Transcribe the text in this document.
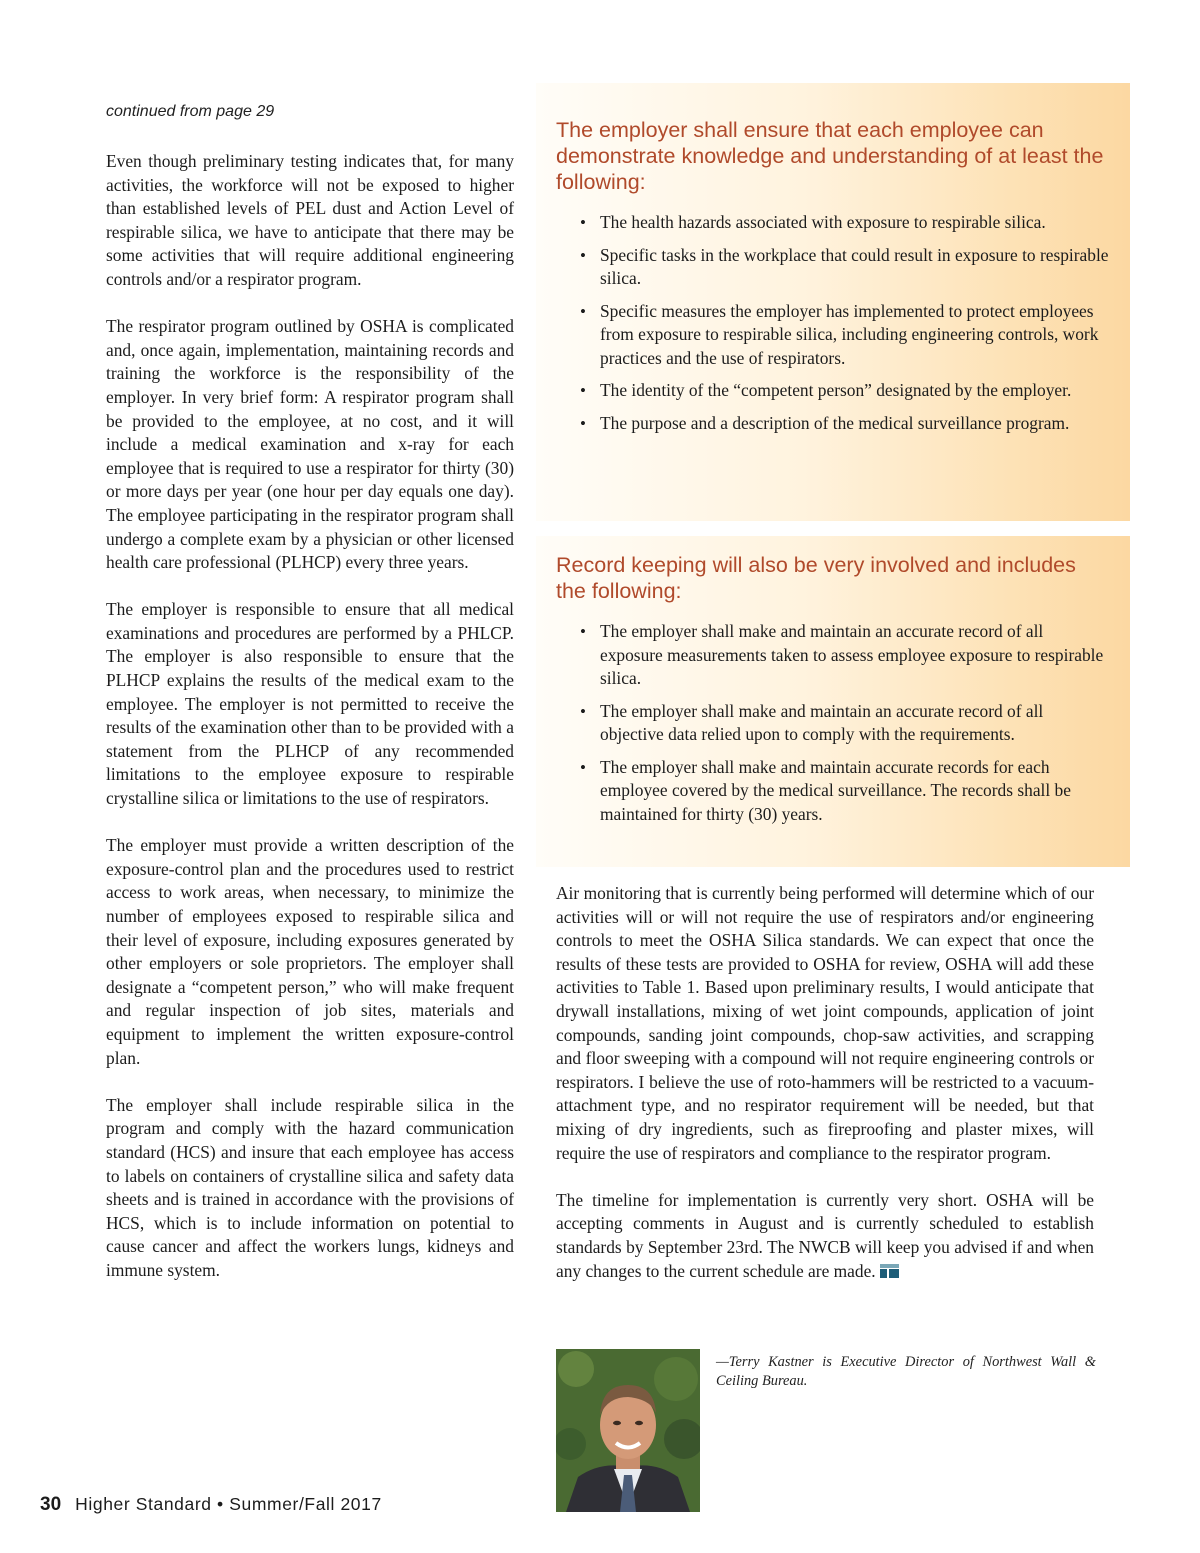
continued from page 29

Even though preliminary testing indicates that, for many activities, the workforce will not be exposed to higher than established levels of PEL dust and Action Level of respirable silica, we have to anticipate that there may be some activities that will require additional engineering controls and/or a respirator program.

The respirator program outlined by OSHA is complicated and, once again, implementation, maintaining records and training the workforce is the responsibility of the employer. In very brief form: A respirator program shall be provided to the employee, at no cost, and it will include a medical examination and x-ray for each employee that is required to use a respirator for thirty (30) or more days per year (one hour per day equals one day). The employee participating in the respirator program shall undergo a complete exam by a physician or other licensed health care professional (PLHCP) every three years.

The employer is responsible to ensure that all medical examinations and procedures are performed by a PHLCP. The employer is also responsible to ensure that the PLHCP explains the results of the medical exam to the employee. The employer is not permitted to receive the results of the examination other than to be provided with a statement from the PLHCP of any recommended limitations to the employee exposure to respirable crystalline silica or limitations to the use of respirators.

The employer must provide a written description of the exposure-control plan and the procedures used to restrict access to work areas, when necessary, to minimize the number of employees exposed to respirable silica and their level of exposure, including exposures generated by other employers or sole proprietors. The employer shall designate a “competent person,” who will make frequent and regular inspection of job sites, materials and equipment to implement the written exposure-control plan.

The employer shall include respirable silica in the program and comply with the hazard communication standard (HCS) and insure that each employee has access to labels on containers of crystalline silica and safety data sheets and is trained in accordance with the provisions of HCS, which is to include information on potential to cause cancer and affect the workers lungs, kidneys and immune system.

The employer shall ensure that each employee can demonstrate knowledge and understanding of at least the following:
• The health hazards associated with exposure to respirable silica.
• Specific tasks in the workplace that could result in exposure to respirable silica.
• Specific measures the employer has implemented to protect employees from exposure to respirable silica, including engineering controls, work practices and the use of respirators.
• The identity of the “competent person” designated by the employer.
• The purpose and a description of the medical surveillance program.
Record keeping will also be very involved and includes the following:
• The employer shall make and maintain an accurate record of all exposure measurements taken to assess employee exposure to respirable silica.
• The employer shall make and maintain an accurate record of all objective data relied upon to comply with the requirements.
• The employer shall make and maintain accurate records for each employee covered by the medical surveillance. The records shall be maintained for thirty (30) years.

Air monitoring that is currently being performed will determine which of our activities will or will not require the use of respirators and/or engineering controls to meet the OSHA Silica standards. We can expect that once the results of these tests are provided to OSHA for review, OSHA will add these activities to Table 1. Based upon preliminary results, I would anticipate that drywall installations, mixing of wet joint compounds, application of joint compounds, sanding joint compounds, chop-saw activities, and scrapping and floor sweeping with a compound will not require engineering controls or respirators. I believe the use of roto-hammers will be restricted to a vacuum-attachment type, and no respirator requirement will be needed, but that mixing of dry ingredients, such as fireproofing and plaster mixes, will require the use of respirators and compliance to the respirator program.

The timeline for implementation is currently very short. OSHA will be accepting comments in August and is currently scheduled to establish standards by September 23rd. The NWCB will keep you advised if and when any changes to the current schedule are made.

—Terry Kastner is Executive Director of Northwest Wall & Ceiling Bureau.
30 Higher Standard • Summer/Fall 2017
